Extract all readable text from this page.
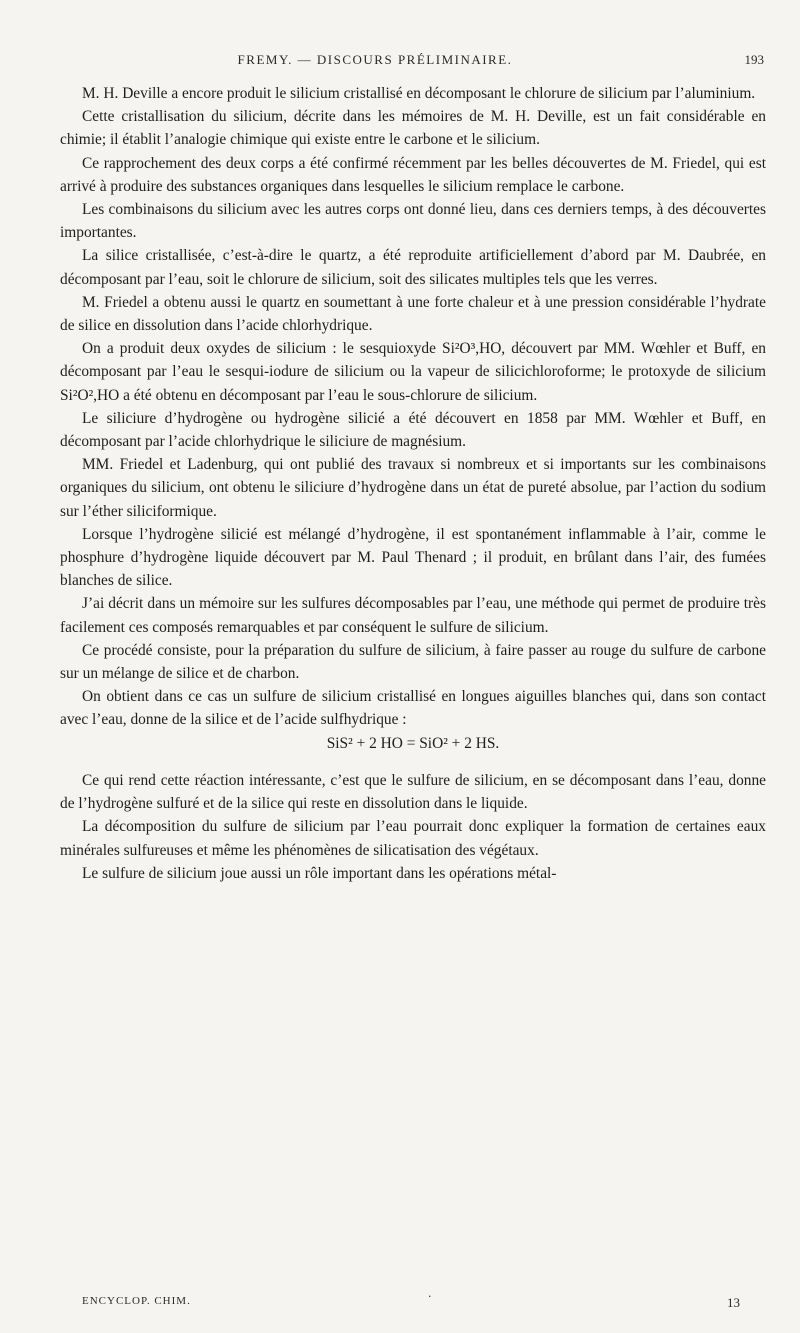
FREMY. — DISCOURS PRÉLIMINAIRE.	193

M. H. Deville a encore produit le silicium cristallisé en décomposant le chlorure de silicium par l’aluminium.

Cette cristallisation du silicium, décrite dans les mémoires de M. H. Deville, est un fait considérable en chimie; il établit l’analogie chimique qui existe entre le carbone et le silicium.

Ce rapprochement des deux corps a été confirmé récemment par les belles découvertes de M. Friedel, qui est arrivé à produire des substances organiques dans lesquelles le silicium remplace le carbone.

Les combinaisons du silicium avec les autres corps ont donné lieu, dans ces derniers temps, à des découvertes importantes.

La silice cristallisée, c’est-à-dire le quartz, a été reproduite artificiellement d’abord par M. Daubrée, en décomposant par l’eau, soit le chlorure de silicium, soit des silicates multiples tels que les verres.

M. Friedel a obtenu aussi le quartz en soumettant à une forte chaleur et à une pression considérable l’hydrate de silice en dissolution dans l’acide chlorhydrique.

On a produit deux oxydes de silicium : le sesquioxyde Si²O³,HO, découvert par MM. Wœhler et Buff, en décomposant par l’eau le sesqui-iodure de silicium ou la vapeur de silicichloroforme; le protoxyde de silicium Si²O²,HO a été obtenu en décomposant par l’eau le sous-chlorure de silicium.

Le siliciure d’hydrogène ou hydrogène silicié a été découvert en 1858 par MM. Wœhler et Buff, en décomposant par l’acide chlorhydrique le siliciure de magnésium.

MM. Friedel et Ladenburg, qui ont publié des travaux si nombreux et si importants sur les combinaisons organiques du silicium, ont obtenu le siliciure d’hydrogène dans un état de pureté absolue, par l’action du sodium sur l’éther siliciformique.

Lorsque l’hydrogène silicié est mélangé d’hydrogène, il est spontanément inflammable à l’air, comme le phosphure d’hydrogène liquide découvert par M. Paul Thenard ; il produit, en brûlant dans l’air, des fumées blanches de silice.

J’ai décrit dans un mémoire sur les sulfures décomposables par l’eau, une méthode qui permet de produire très facilement ces composés remarquables et par conséquent le sulfure de silicium.

Ce procédé consiste, pour la préparation du sulfure de silicium, à faire passer au rouge du sulfure de carbone sur un mélange de silice et de charbon.

On obtient dans ce cas un sulfure de silicium cristallisé en longues aiguilles blanches qui, dans son contact avec l’eau, donne de la silice et de l’acide sulfhydrique :

SiS² + 2 HO = SiO² + 2 HS.

Ce qui rend cette réaction intéressante, c’est que le sulfure de silicium, en se décomposant dans l’eau, donne de l’hydrogène sulfuré et de la silice qui reste en dissolution dans le liquide.

La décomposition du sulfure de silicium par l’eau pourrait donc expliquer la formation de certaines eaux minérales sulfureuses et même les phénomènes de silicatisation des végétaux.

Le sulfure de silicium joue aussi un rôle important dans les opérations métal-

ENCYCLOP. CHIM.	·	13
